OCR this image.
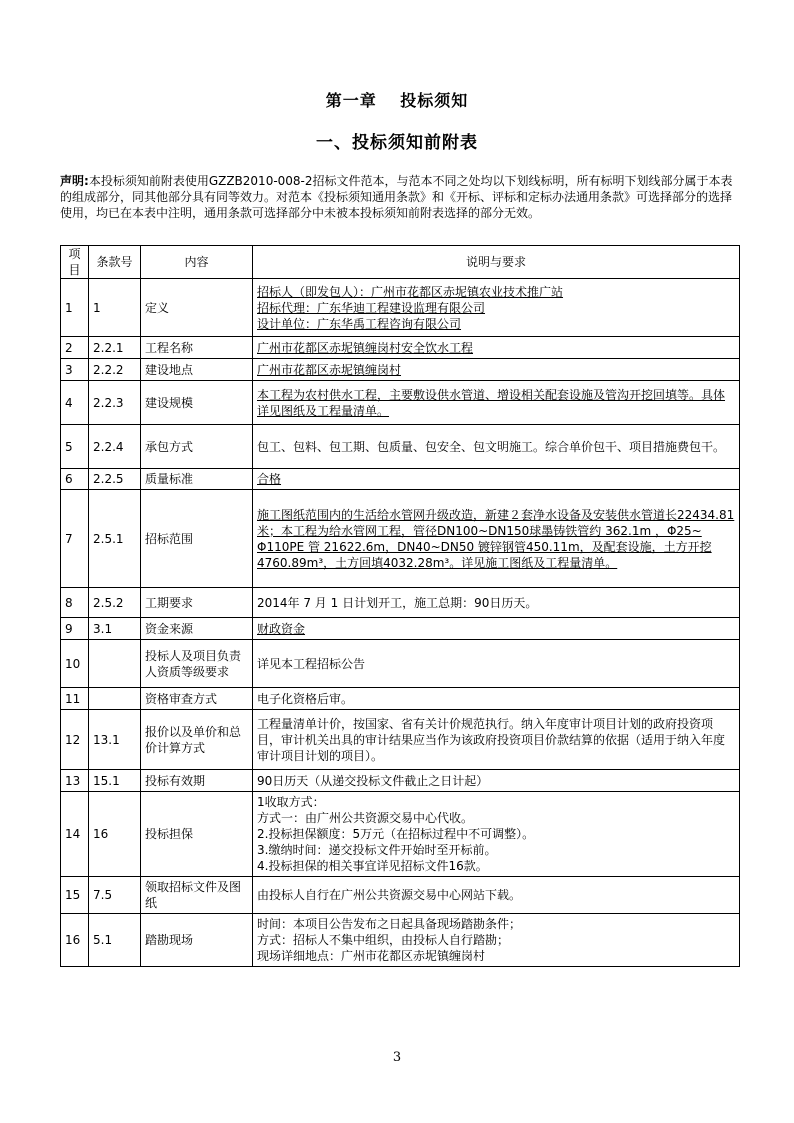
第一章　 投标须知
一、投标须知前附表
声明:本投标须知前附表使用GZZB2010-008-2招标文件范本，与范本不同之处均以下划线标明，所有标明下划线部分属于本表的组成部分，同其他部分具有同等效力。对范本《投标须知通用条款》和《开标、评标和定标办法通用条款》可选择部分的选择使用，均已在本表中注明，通用条款可选择部分中未被本投标须知前附表选择的部分无效。
项目	条款号	内容	说明与要求
1	1	定义	招标人（即发包人）：广州市花都区赤坭镇农业技术推广站
招标代理：广东华迪工程建设监理有限公司
设计单位：广东华禹工程咨询有限公司

2	2.2.1	工程名称	广州市花都区赤坭镇缠岗村安全饮水工程

3	2.2.2	建设地点	广州市花都区赤坭镇缠岗村

4	2.2.3	建设规模	本工程为农村供水工程，主要敷设供水管道、增设相关配套设施及管沟开挖回填等。具体详见图纸及工程量清单。

5	2.2.4	承包方式	包工、包料、包工期、包质量、包安全、包文明施工。综合单价包干、项目措施费包干。

6	2.2.5	质量标准	合格

7	2.5.1	招标范围	施工图纸范围内的生活给水管网升级改造，新建２套净水设备及安装供水管道长22434.81米；本工程为给水管网工程，管径DN100~DN150球墨铸铁管约 362.1m ，Φ25~ Φ110PE 管 21622.6m，DN40~DN50 镀锌钢管450.11m，及配套设施，土方开挖4760.89m³，土方回填4032.28m³。详见施工图纸及工程量清单。

8	2.5.2	工期要求	2014年 7 月 1 日计划开工，施工总期：90日历天。

9	3.1	资金来源	财政资金

10		投标人及项目负责人资质等级要求	详见本工程招标公告

11		资格审查方式	电子化资格后审。

12	13.1	报价以及单价和总价计算方式	工程量清单计价，按国家、省有关计价规范执行。纳入年度审计项目计划的政府投资项目，审计机关出具的审计结果应当作为该政府投资项目价款结算的依据（适用于纳入年度审计项目计划的项目）。

13	15.1	投标有效期	90日历天（从递交投标文件截止之日计起）

14	16	投标担保	1收取方式：
方式一：由广州公共资源交易中心代收。
2.投标担保额度：5万元（在招标过程中不可调整）。
3.缴纳时间：递交投标文件开始时至开标前。
4.投标担保的相关事宜详见招标文件16款。

15	7.5	领取招标文件及图纸	由投标人自行在广州公共资源交易中心网站下载。

16	5.1	踏勘现场	时间：本项目公告发布之日起具备现场踏勘条件；
方式：招标人不集中组织，由投标人自行踏勘；
现场详细地点：广州市花都区赤坭镇缠岗村
3
